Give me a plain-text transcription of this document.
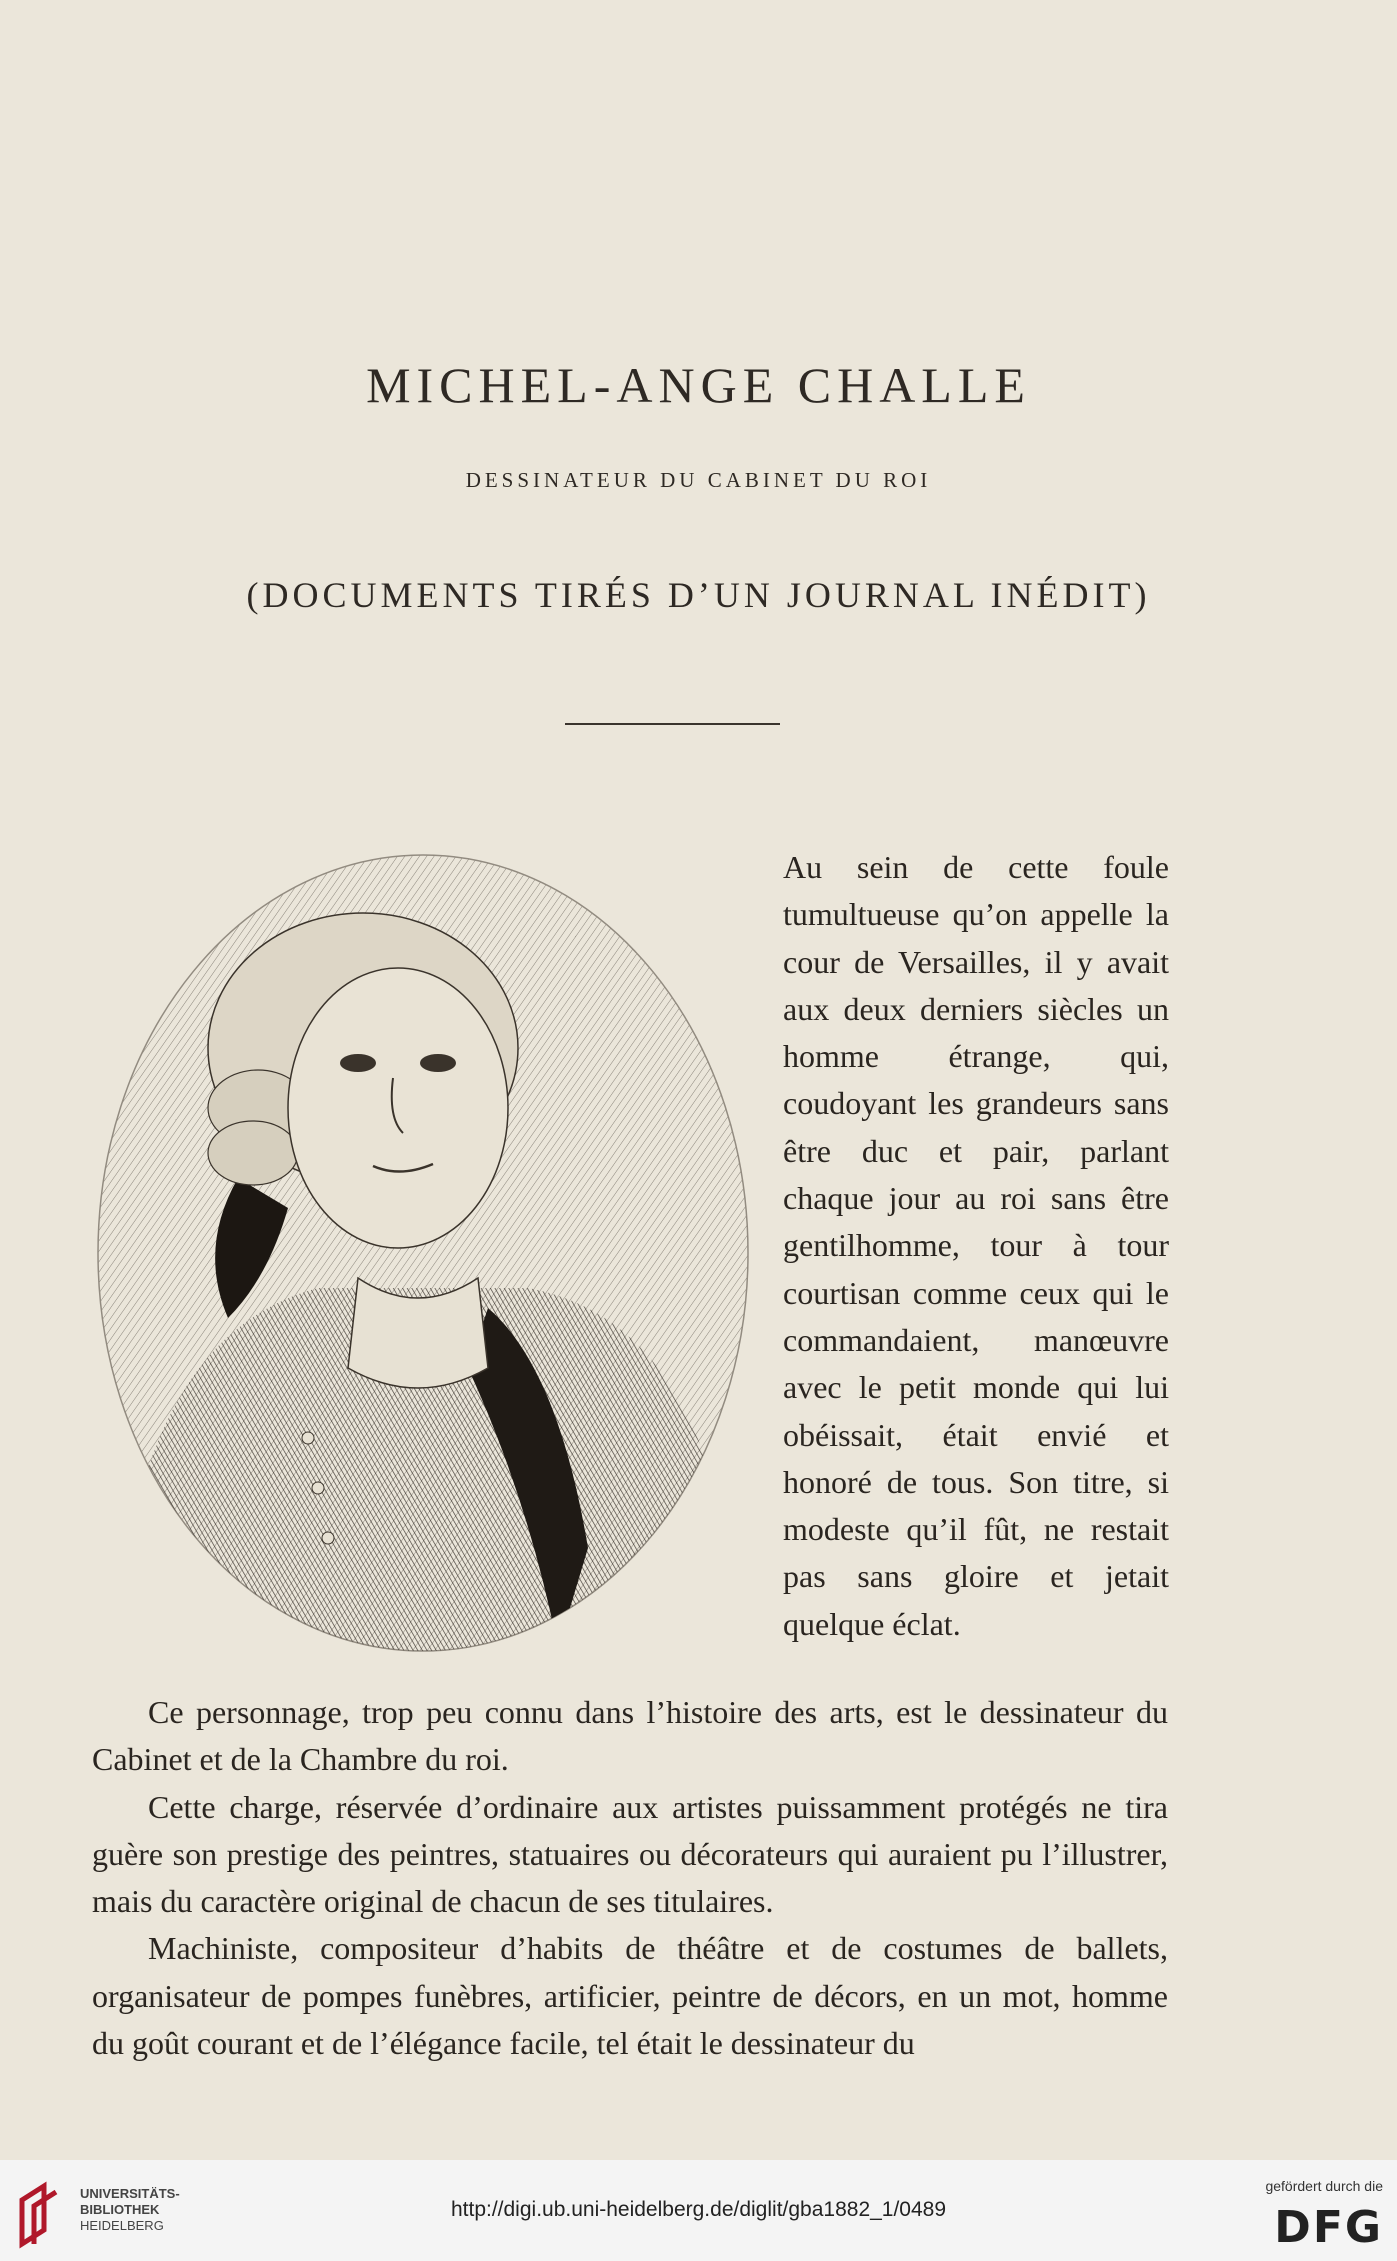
MICHEL-ANGE CHALLE
DESSINATEUR DU CABINET DU ROI
(DOCUMENTS TIRÉS D’UN JOURNAL INÉDIT)
Au sein de cette foule tumultueuse qu’on appelle la cour de Versailles, il y avait aux deux derniers siècles un homme étrange, qui, coudoyant les grandeurs sans être duc et pair, parlant chaque jour au roi sans être gentilhomme, tour à tour courtisan comme ceux qui le commandaient, manœuvre avec le petit monde qui lui obéissait, était envié et honoré de tous. Son titre, si modeste qu’il fût, ne restait pas sans gloire et jetait quelque éclat.

Ce personnage, trop peu connu dans l’histoire des arts, est le dessinateur du Cabinet et de la Chambre du roi.

Cette charge, réservée d’ordinaire aux artistes puissamment protégés ne tira guère son prestige des peintres, statuaires ou décorateurs qui auraient pu l’illustrer, mais du caractère original de chacun de ses titulaires.

Machiniste, compositeur d’habits de théâtre et de costumes de ballets, organisateur de pompes funèbres, artificier, peintre de décors, en un mot, homme du goût courant et de l’élégance facile, tel était le dessinateur du

UNIVERSITÄTS-
BIBLIOTHEK
HEIDELBERG
http://digi.ub.uni-heidelberg.de/diglit/gba1882_1/0489
gefördert durch die
DFG
